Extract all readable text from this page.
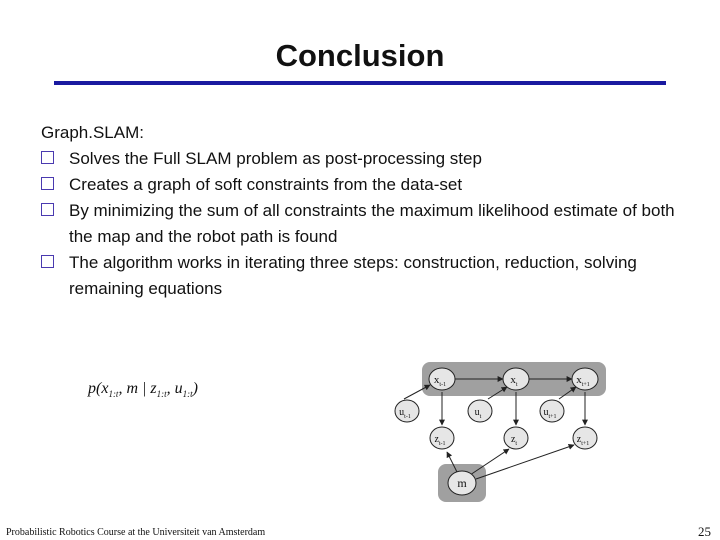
Conclusion

Graph.SLAM:

Solves the Full SLAM problem as post-processing step
Creates a graph of soft constraints from the data-set
By minimizing the sum of all constraints the maximum likelihood estimate of both the map and the robot path is found
The algorithm works in iterating three steps: construction, reduction, solving remaining equations
$p(x_{1:t}$, m | $z_{1:t}$, $u_{1:t}$)	$x_{t-1}$	$x_t$	$x_{t+1}$
$u_{t-1}$	$u_t$	$u_{t+1}$
$z_{t-1}$	$z_t$	$z_{t+1}$
m
Probabilistic Robotics Course at the Universiteit van Amsterdam	25
